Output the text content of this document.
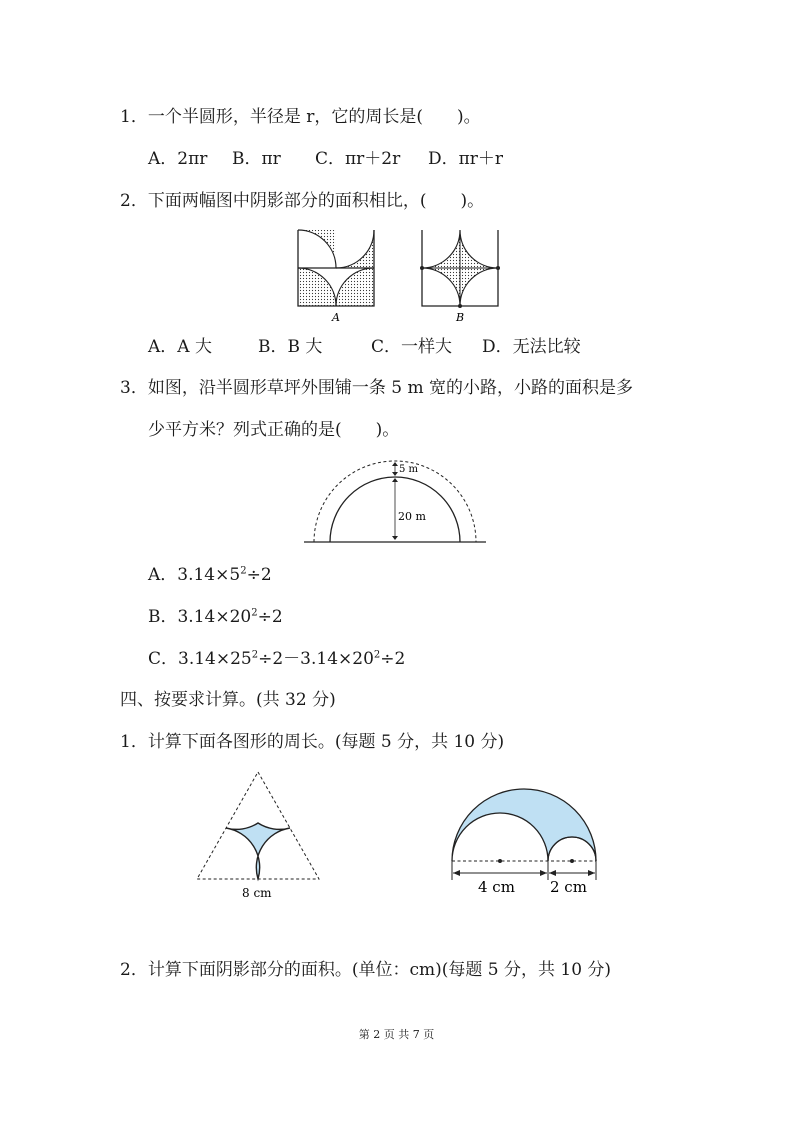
1．一个半圆形，半径是 r，它的周长是(　　)。
A．2πr B．πr C．πr＋2r D．πr＋r
2．下面两幅图中阴影部分的面积相比，(　　)。
A	B
A．A 大	B．B 大	C．一样大 D．无法比较
3．如图，沿半圆形草坪外围铺一条 5 m 宽的小路，小路的面积是多
少平方米？列式正确的是(　　)。
5 m
20 m
A．$3.14\times 5^2\div 2$
B．$3.14\times 20^2\div 2$
C．$3.14\times 25^2\div 2-3.14\times 20^2\div 2$
四、按要求计算。(共 32 分)
1．计算下面各图形的周长。(每题 5 分，共 10 分)
8 cm	4 cm 2 cm
2．计算下面阴影部分的面积。(单位：cm)(每题 5 分，共 10 分)
第 2 页 共 7 页
